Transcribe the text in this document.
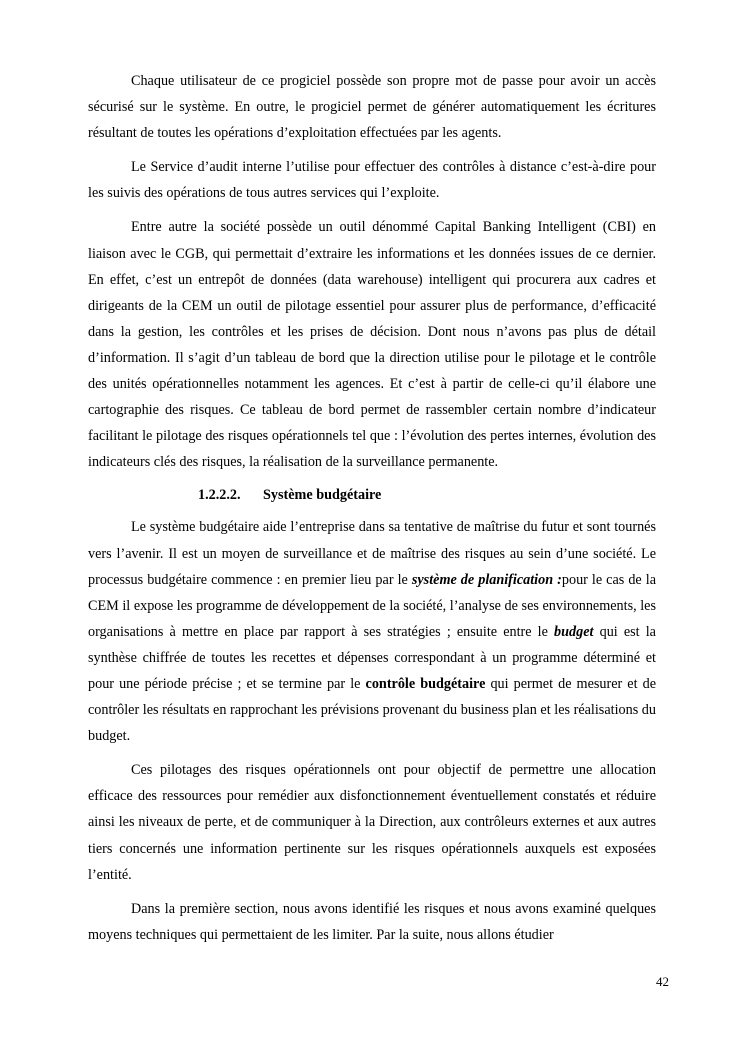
Chaque utilisateur de ce progiciel possède son propre mot de passe pour avoir un accès sécurisé sur le système. En outre, le progiciel permet de générer automatiquement les écritures résultant de toutes les opérations d’exploitation effectuées par les agents.

Le Service d’audit interne l’utilise pour effectuer des contrôles à distance c’est-à-dire pour les suivis des opérations de tous autres services qui l’exploite.

Entre autre la société possède un outil dénommé Capital Banking Intelligent (CBI) en liaison avec le CGB, qui permettait d’extraire les informations et les données issues de ce dernier. En effet, c’est un entrepôt de données (data warehouse) intelligent qui procurera aux cadres et dirigeants de la CEM un outil de pilotage essentiel pour assurer plus de performance, d’efficacité dans la gestion, les contrôles et les prises de décision. Dont nous n’avons pas plus de détail d’information. Il s’agit d’un tableau de bord que la direction utilise pour le pilotage et le contrôle des unités opérationnelles notamment les agences. Et c’est à partir de celle-ci qu’il élabore une cartographie des risques. Ce tableau de bord permet de rassembler certain nombre d’indicateur facilitant le pilotage des risques opérationnels tel que : l’évolution des pertes internes, évolution des indicateurs clés des risques, la réalisation de la surveillance permanente.

1.2.2.2. Système budgétaire

Le système budgétaire aide l’entreprise dans sa tentative de maîtrise du futur et sont tournés vers l’avenir. Il est un moyen de surveillance et de maîtrise des risques au sein d’une société. Le processus budgétaire commence : en premier lieu par le système de planification :pour le cas de la CEM il expose les programme de développement de la société, l’analyse de ses environnements, les organisations à mettre en place par rapport à ses stratégies ; ensuite entre le budget qui est la synthèse chiffrée de toutes les recettes et dépenses correspondant à un programme déterminé et pour une période précise ; et se termine par le contrôle budgétaire qui permet de mesurer et de contrôler les résultats en rapprochant les prévisions provenant du business plan et les réalisations du budget.

Ces pilotages des risques opérationnels ont pour objectif de permettre une allocation efficace des ressources pour remédier aux disfonctionnement éventuellement constatés et réduire ainsi les niveaux de perte, et de communiquer à la Direction, aux contrôleurs externes et aux autres tiers concernés une information pertinente sur les risques opérationnels auxquels est exposées l’entité.

Dans la première section, nous avons identifié les risques et nous avons examiné quelques moyens techniques qui permettaient de les limiter. Par la suite, nous allons étudier

42
